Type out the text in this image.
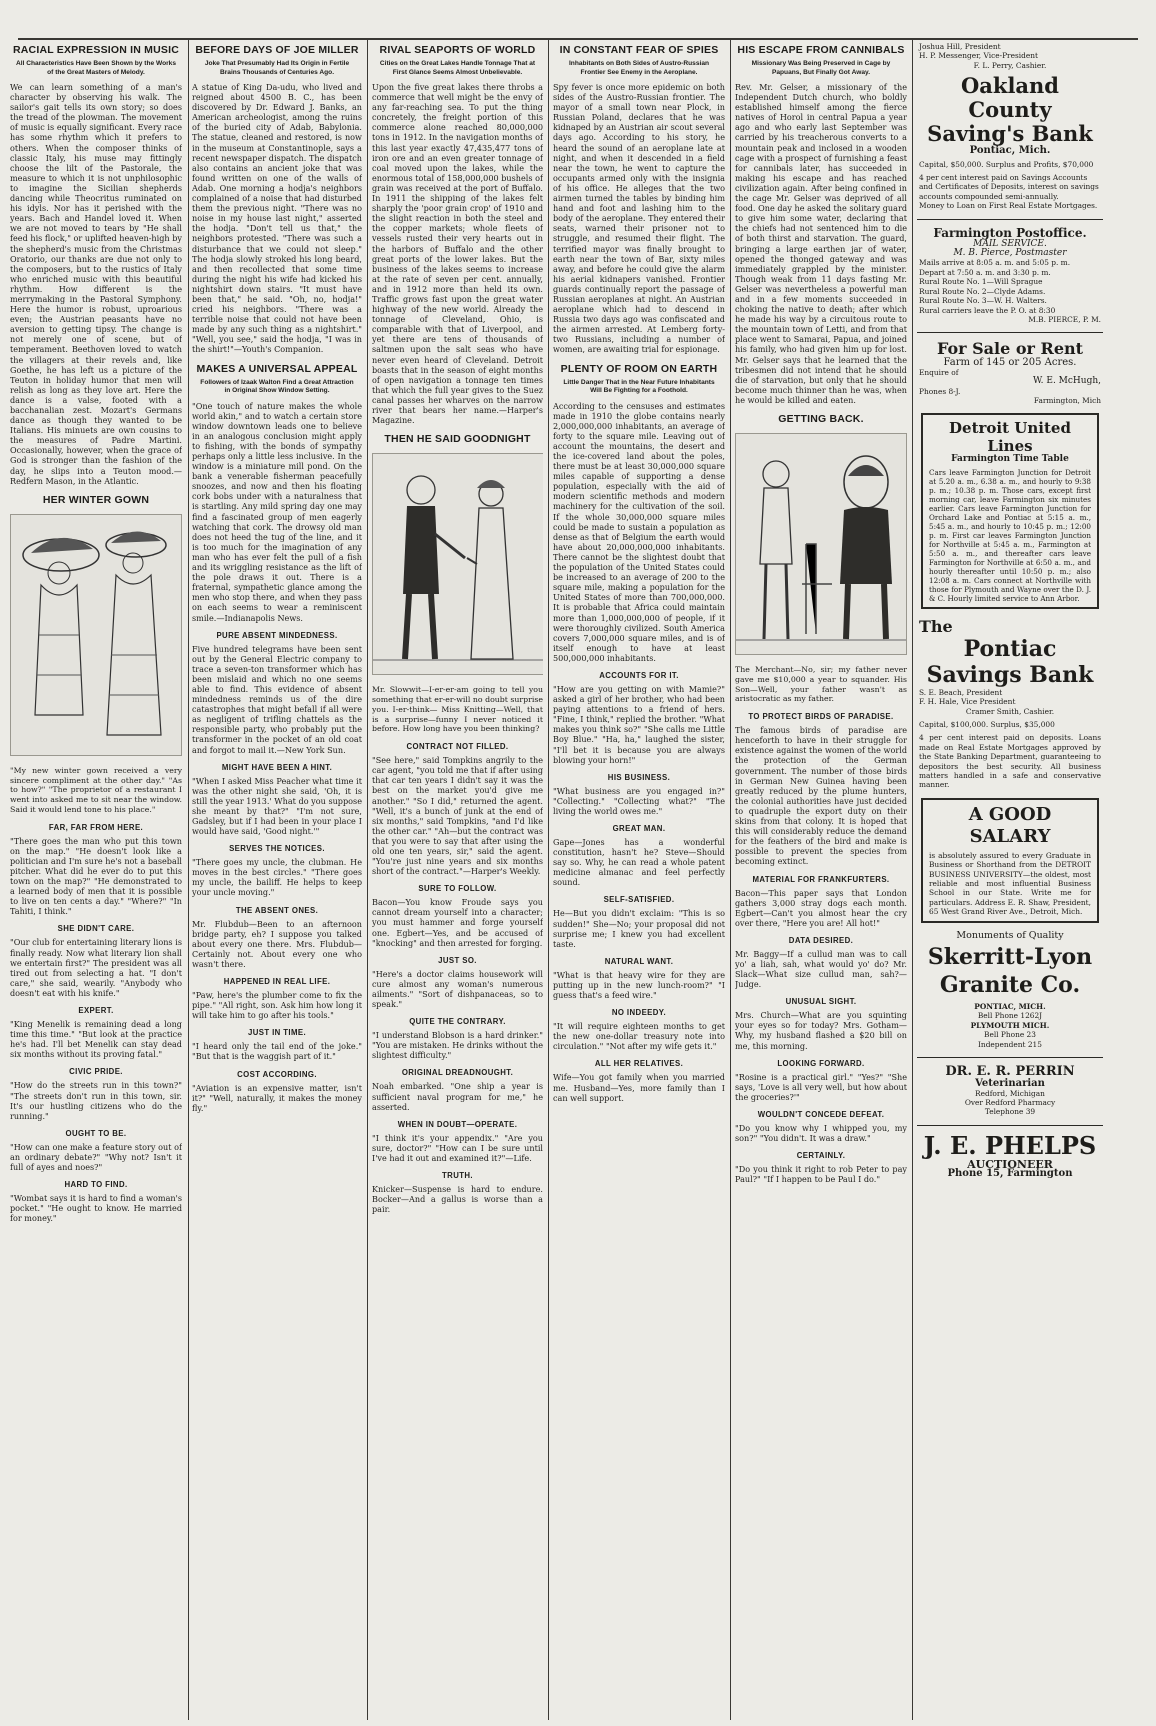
RACIAL EXPRESSION IN MUSIC
All Characteristics Have Been Shown by the Works of the Great Masters of Melody.

We can learn something of a man's character by observing his walk. The sailor's gait tells its own story; so does the tread of the plowman. The movement of music is equally significant. Every race has some rhythm which it prefers to others. When the composer thinks of classic Italy, his muse may fittingly choose the lilt of the Pastorale, the measure to which it is not unphilosophic to imagine the Sicilian shepherds dancing while Theocritus ruminated on his idyls. Nor has it perished with the years. Bach and Handel loved it. When we are not moved to tears by "He shall feed his flock," or uplifted heaven-high by the shepherd's music from the Christmas Oratorio, our thanks are due not only to the composers, but to the rustics of Italy who enriched music with this beautiful rhythm. How different is the merrymaking in the Pastoral Symphony. Here the humor is robust, uproarious even; the Austrian peasants have no aversion to getting tipsy. The change is not merely one of scene, but of temperament. Beethoven loved to watch the villagers at their revels and, like Goethe, he has left us a picture of the Teuton in holiday humor that men will relish as long as they love art. Here the dance is a valse, footed with a bacchanalian zest. Mozart's Germans dance as though they wanted to be Italians. His minuets are own cousins to the measures of Padre Martini. Occasionally, however, when the grace of God is stronger than the fashion of the day, he slips into a Teuton mood.—Redfern Mason, in the Atlantic.

HER WINTER GOWN

"My new winter gown received a very sincere compliment at the other day." "As to how?" "The proprietor of a restaurant I went into asked me to sit near the window. Said it would lend tone to his place."

FAR, FAR FROM HERE.

"There goes the man who put this town on the map." "He doesn't look like a politician and I'm sure he's not a baseball pitcher. What did he ever do to put this town on the map?" "He demonstrated to a learned body of men that it is possible to live on ten cents a day." "Where?" "In Tahiti, I think."

SHE DIDN'T CARE.

"Our club for entertaining literary lions is finally ready. Now what literary lion shall we entertain first?" The president was all tired out from selecting a hat. "I don't care," she said, wearily. "Anybody who doesn't eat with his knife."

EXPERT.

"King Menelik is remaining dead a long time this time." "But look at the practice he's had. I'll bet Menelik can stay dead six months without its proving fatal."

CIVIC PRIDE.

"How do the streets run in this town?" "The streets don't run in this town, sir. It's our hustling citizens who do the running."

OUGHT TO BE.

"How can one make a feature story out of an ordinary debate?" "Why not? Isn't it full of ayes and noes?"

HARD TO FIND.

"Wombat says it is hard to find a woman's pocket." "He ought to know. He married for money."

BEFORE DAYS OF JOE MILLER
Joke That Presumably Had Its Origin in Fertile Brains Thousands of Centuries Ago.

A statue of King Da-udu, who lived and reigned about 4500 B. C., has been discovered by Dr. Edward J. Banks, an American archeologist, among the ruins of the buried city of Adab, Babylonia. The statue, cleaned and restored, is now in the museum at Constantinople, says a recent newspaper dispatch. The dispatch also contains an ancient joke that was found written on one of the walls of Adab. One morning a hodja's neighbors complained of a noise that had disturbed them the previous night. "There was no noise in my house last night," asserted the hodja. "Don't tell us that," the neighbors protested. "There was such a disturbance that we could not sleep." The hodja slowly stroked his long beard, and then recollected that some time during the night his wife had kicked his nightshirt down stairs. "It must have been that," he said. "Oh, no, hodja!" cried his neighbors. "There was a terrible noise that could not have been made by any such thing as a nightshirt." "Well, you see," said the hodja, "I was in the shirt!"—Youth's Companion.

MAKES A UNIVERSAL APPEAL
Followers of Izaak Walton Find a Great Attraction in Original Show Window Setting.

"One touch of nature makes the whole world akin," and to watch a certain store window downtown leads one to believe in an analogous conclusion might apply to fishing, with the bonds of sympathy perhaps only a little less inclusive. In the window is a miniature mill pond. On the bank a venerable fisherman peacefully snoozes, and now and then his floating cork bobs under with a naturalness that is startling. Any mild spring day one may find a fascinated group of men eagerly watching that cork. The drowsy old man does not heed the tug of the line, and it is too much for the imagination of any man who has ever felt the pull of a fish and its wriggling resistance as the lift of the pole draws it out. There is a fraternal, sympathetic glance among the men who stop there, and when they pass on each seems to wear a reminiscent smile.—Indianapolis News.

PURE ABSENT MINDEDNESS.

Five hundred telegrams have been sent out by the General Electric company to trace a seven-ton transformer which has been mislaid and which no one seems able to find. This evidence of absent mindedness reminds us of the dire catastrophes that might befall if all were as negligent of trifling chattels as the responsible party, who probably put the transformer in the pocket of an old coat and forgot to mail it.—New York Sun.

MIGHT HAVE BEEN A HINT.

"When I asked Miss Peacher what time it was the other night she said, 'Oh, it is still the year 1913.' What do you suppose she meant by that?" "I'm not sure, Gadsley, but if I had been in your place I would have said, 'Good night.'"

SERVES THE NOTICES.

"There goes my uncle, the clubman. He moves in the best circles." "There goes my uncle, the bailiff. He helps to keep your uncle moving."

THE ABSENT ONES.

Mr. Flubdub—Been to an afternoon bridge party, eh? I suppose you talked about every one there. Mrs. Flubdub—Certainly not. About every one who wasn't there.

HAPPENED IN REAL LIFE.

"Paw, here's the plumber come to fix the pipe." "All right, son. Ask him how long it will take him to go after his tools."

JUST IN TIME.

"I heard only the tail end of the joke." "But that is the waggish part of it."

COST ACCORDING.

"Aviation is an expensive matter, isn't it?" "Well, naturally, it makes the money fly."

RIVAL SEAPORTS OF WORLD
Cities on the Great Lakes Handle Tonnage That at First Glance Seems Almost Unbelievable.

Upon the five great lakes there throbs a commerce that well might be the envy of any far-reaching sea. To put the thing concretely, the freight portion of this commerce alone reached 80,000,000 tons in 1912. In the navigation months of this last year exactly 47,435,477 tons of iron ore and an even greater tonnage of coal moved upon the lakes, while the enormous total of 158,000,000 bushels of grain was received at the port of Buffalo. In 1911 the shipping of the lakes felt sharply the 'poor grain crop' of 1910 and the slight reaction in both the steel and the copper markets; whole fleets of vessels rusted their very hearts out in the harbors of Buffalo and the other great ports of the lower lakes. But the business of the lakes seems to increase at the rate of seven per cent. annually, and in 1912 more than held its own. Traffic grows fast upon the great water highway of the new world. Already the tonnage of Cleveland, Ohio, is comparable with that of Liverpool, and yet there are tens of thousands of saltmen upon the salt seas who have never even heard of Cleveland. Detroit boasts that in the season of eight months of open navigation a tonnage ten times that which the full year gives to the Suez canal passes her wharves on the narrow river that bears her name.—Harper's Magazine.

THEN HE SAID GOODNIGHT

Mr. Slowwit—I-er-er-am going to tell you something that er-er-will no doubt surprise you. I-er-think— Miss Knitting—Well, that is a surprise—funny I never noticed it before. How long have you been thinking?

CONTRACT NOT FILLED.

"See here," said Tompkins angrily to the car agent, "you told me that if after using that car ten years I didn't say it was the best on the market you'd give me another." "So I did," returned the agent. "Well, it's a bunch of junk at the end of six months," said Tompkins, "and I'd like the other car." "Ah—but the contract was that you were to say that after using the old one ten years, sir," said the agent. "You're just nine years and six months short of the contract."—Harper's Weekly.

SURE TO FOLLOW.

Bacon—You know Froude says you cannot dream yourself into a character; you must hammer and forge yourself one. Egbert—Yes, and be accused of "knocking" and then arrested for forging.

JUST SO.

"Here's a doctor claims housework will cure almost any woman's numerous ailments." "Sort of dishpanaceas, so to speak."

QUITE THE CONTRARY.

"I understand Blobson is a hard drinker." "You are mistaken. He drinks without the slightest difficulty."

ORIGINAL DREADNOUGHT.

Noah embarked. "One ship a year is sufficient naval program for me," he asserted.

WHEN IN DOUBT—OPERATE.

"I think it's your appendix." "Are you sure, doctor?" "How can I be sure until I've had it out and examined it?"—Life.

TRUTH.

Knicker—Suspense is hard to endure. Bocker—And a gallus is worse than a pair.

IN CONSTANT FEAR OF SPIES
Inhabitants on Both Sides of Austro-Russian Frontier See Enemy in the Aeroplane.

Spy fever is once more epidemic on both sides of the Austro-Russian frontier. The mayor of a small town near Plock, in Russian Poland, declares that he was kidnaped by an Austrian air scout several days ago. According to his story, he heard the sound of an aeroplane late at night, and when it descended in a field near the town, he went to capture the occupants armed only with the insignia of his office. He alleges that the two airmen turned the tables by binding him hand and foot and lashing him to the body of the aeroplane. They entered their seats, warned their prisoner not to struggle, and resumed their flight. The terrified mayor was finally brought to earth near the town of Bar, sixty miles away, and before he could give the alarm his aerial kidnapers vanished. Frontier guards continually report the passage of Russian aeroplanes at night. An Austrian aeroplane which had to descend in Russia two days ago was confiscated and the airmen arrested. At Lemberg forty-two Russians, including a number of women, are awaiting trial for espionage.

PLENTY OF ROOM ON EARTH
Little Danger That in the Near Future Inhabitants Will Be Fighting for a Foothold.

According to the censuses and estimates made in 1910 the globe contains nearly 2,000,000,000 inhabitants, an average of forty to the square mile. Leaving out of account the mountains, the desert and the ice-covered land about the poles, there must be at least 30,000,000 square miles capable of supporting a dense population, especially with the aid of modern scientific methods and modern machinery for the cultivation of the soil. If the whole 30,000,000 square miles could be made to sustain a population as dense as that of Belgium the earth would have about 20,000,000,000 inhabitants. There cannot be the slightest doubt that the population of the United States could be increased to an average of 200 to the square mile, making a population for the United States of more than 700,000,000. It is probable that Africa could maintain more than 1,000,000,000 of people, if it were thoroughly civilized. South America covers 7,000,000 square miles, and is of itself enough to have at least 500,000,000 inhabitants.

ACCOUNTS FOR IT.

"How are you getting on with Mamie?" asked a girl of her brother, who had been paying attentions to a friend of hers. "Fine, I think," replied the brother. "What makes you think so?" "She calls me Little Boy Blue." "Ha, ha," laughed the sister, "I'll bet it is because you are always blowing your horn!"

HIS BUSINESS.

"What business are you engaged in?" "Collecting." "Collecting what?" "The living the world owes me."

GREAT MAN.

Gape—Jones has a wonderful constitution, hasn't he? Steve—Should say so. Why, he can read a whole patent medicine almanac and feel perfectly sound.

SELF-SATISFIED.

He—But you didn't exclaim: "This is so sudden!" She—No; your proposal did not surprise me; I knew you had excellent taste.

NATURAL WANT.

"What is that heavy wire for they are putting up in the new lunch-room?" "I guess that's a feed wire."

NO INDEEDY.

"It will require eighteen months to get the new one-dollar treasury note into circulation." "Not after my wife gets it."

ALL HER RELATIVES.

Wife—You got family when you married me. Husband—Yes, more family than I can well support.

HIS ESCAPE FROM CANNIBALS
Missionary Was Being Preserved in Cage by Papuans, But Finally Got Away.

Rev. Mr. Gelser, a missionary of the Independent Dutch church, who boldly established himself among the fierce natives of Horol in central Papua a year ago and who early last September was carried by his treacherous converts to a mountain peak and inclosed in a wooden cage with a prospect of furnishing a feast for cannibals later, has succeeded in making his escape and has reached civilization again. After being confined in the cage Mr. Gelser was deprived of all food. One day he asked the solitary guard to give him some water, declaring that the chiefs had not sentenced him to die of both thirst and starvation. The guard, bringing a large earthen jar of water, opened the thonged gateway and was immediately grappled by the minister. Though weak from 11 days fasting Mr. Gelser was nevertheless a powerful man and in a few moments succeeded in choking the native to death; after which he made his way by a circuitous route to the mountain town of Letti, and from that place went to Samarai, Papua, and joined his family, who had given him up for lost. Mr. Gelser says that he learned that the tribesmen did not intend that he should die of starvation, but only that he should become much thinner than he was, when he would be killed and eaten.

GETTING BACK.

The Merchant—No, sir; my father never gave me $10,000 a year to squander. His Son—Well, your father wasn't as aristocratic as my father.

TO PROTECT BIRDS OF PARADISE.

The famous birds of paradise are henceforth to have in their struggle for existence against the women of the world the protection of the German government. The number of those birds in German New Guinea having been greatly reduced by the plume hunters, the colonial authorities have just decided to quadruple the export duty on their skins from that colony. It is hoped that this will considerably reduce the demand for the feathers of the bird and make is possible to prevent the species from becoming extinct.

MATERIAL FOR FRANKFURTERS.

Bacon—This paper says that London gathers 3,000 stray dogs each month. Egbert—Can't you almost hear the cry over there, "Here you are! All hot!"

DATA DESIRED.

Mr. Baggy—If a cullud man was to call yo' a liah, sah, what would yo' do? Mr. Slack—What size cullud man, sah?—Judge.

UNUSUAL SIGHT.

Mrs. Church—What are you squinting your eyes so for today? Mrs. Gotham—Why, my husband flashed a $20 bill on me, this morning.

LOOKING FORWARD.

"Rosine is a practical girl." "Yes?" "She says, 'Love is all very well, but how about the groceries?'"

WOULDN'T CONCEDE DEFEAT.

"Do you know why I whipped you, my son?" "You didn't. It was a draw."

CERTAINLY.

"Do you think it right to rob Peter to pay Paul?" "If I happen to be Paul I do."

Joshua Hill, President

H. P. Messenger, Vice-President

F. L. Perry, Cashier.

Oakland County Saving's Bank

Pontiac, Mich.

Capital, $50,000. Surplus and Profits, $70,000

4 per cent interest paid on Savings Accounts and Certificates of Deposits, interest on savings accounts compounded semi-annually.

Money to Loan on First Real Estate Mortgages.

Farmington Postoffice.

MAIL SERVICE.

M. B. Pierce, Postmaster

Mails arrive at 8:05 a. m. and 5:05 p. m.

Depart at 7:50 a. m. and 3:30 p. m.

Rural Route No. 1—Will Sprague

Rural Route No. 2—Clyde Adams.

Rural Route No. 3—W. H. Walters.

Rural carriers leave the P. O. at 8:30

M.B. PIERCE, P. M.

For Sale or Rent

Farm of 145 or 205 Acres.

Enquire of

W. E. McHugh,

Phones 8-J.

Farmington, Mich

Detroit United Lines

Farmington Time Table

Cars leave Farmington Junction for Detroit at 5.20 a. m., 6.38 a. m., and hourly to 9:38 p. m.; 10.38 p. m. Those cars, except first morning car, leave Farmington six minutes earlier. Cars leave Farmington Junction for Orchard Lake and Pontiac at 5:15 a. m., 5:45 a. m., and hourly to 10:45 p. m.; 12:00 p. m. First car leaves Farmington Junction for Northville at 5:45 a. m., Farmington at 5:50 a. m., and thereafter cars leave Farmington for Northville at 6:50 a. m., and hourly thereafter until 10:50 p. m.; also 12:08 a. m. Cars connect at Northville with those for Plymouth and Wayne over the D. J. & C. Hourly limited service to Ann Arbor.

The
Pontiac Savings Bank

S. E. Beach, President

F. H. Hale, Vice President

Cramer Smith, Cashier.

Capital, $100,000. Surplus, $35,000

4 per cent interest paid on deposits. Loans made on Real Estate Mortgages approved by the State Banking Department, guaranteeing to depositors the best security. All business matters handled in a safe and conservative manner.

A GOOD SALARY

is absolutely assured to every Graduate in Business or Shorthand from the DETROIT BUSINESS UNIVERSITY—the oldest, most reliable and most influential Business School in our State. Write me for particulars. Address E. R. Shaw, President, 65 West Grand River Ave., Detroit, Mich.

Monuments of Quality

Skerritt-Lyon Granite Co.

PONTIAC, MICH.

Bell Phone 1262J

PLYMOUTH MICH.

Bell Phone 23

Independent 215

DR. E. R. PERRIN

Veterinarian

Redford, Michigan

Over Redford Pharmacy

Telephone 39

J. E. PHELPS

AUCTIONEER

Phone 15, Farmington
